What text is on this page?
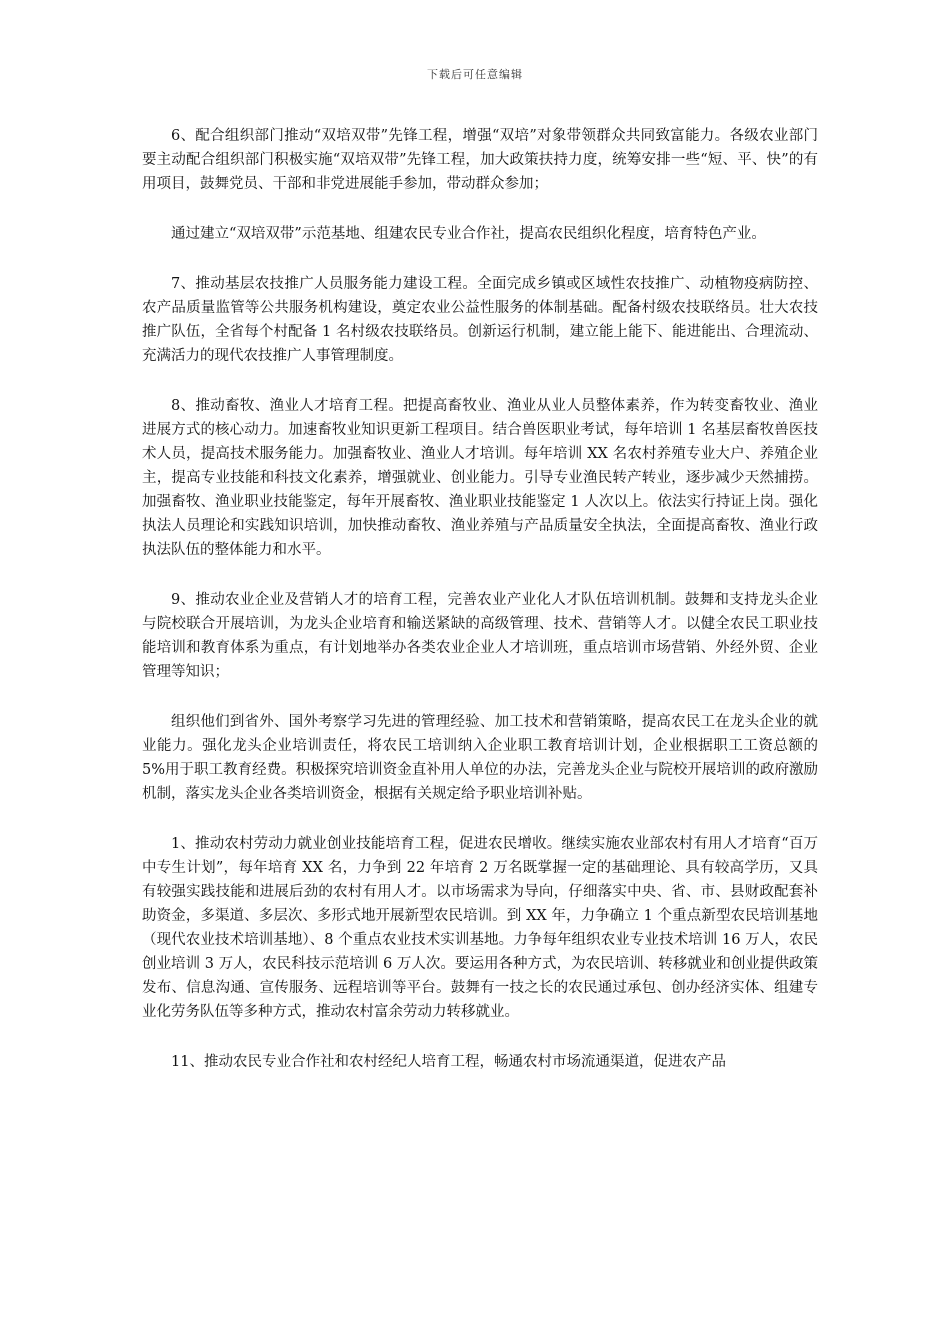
下载后可任意编辑

6、配合组织部门推动“双培双带”先锋工程，增强“双培”对象带领群众共同致富能力。各级农业部门要主动配合组织部门积极实施“双培双带”先锋工程，加大政策扶持力度，统筹安排一些“短、平、快”的有用项目，鼓舞党员、干部和非党进展能手参加，带动群众参加；

通过建立“双培双带”示范基地、组建农民专业合作社，提高农民组织化程度，培育特色产业。

7、推动基层农技推广人员服务能力建设工程。全面完成乡镇或区域性农技推广、动植物疫病防控、农产品质量监管等公共服务机构建设，奠定农业公益性服务的体制基础。配备村级农技联络员。壮大农技推广队伍，全省每个村配备 1 名村级农技联络员。创新运行机制，建立能上能下、能进能出、合理流动、充满活力的现代农技推广人事管理制度。

8、推动畜牧、渔业人才培育工程。把提高畜牧业、渔业从业人员整体素养，作为转变畜牧业、渔业进展方式的核心动力。加速畜牧业知识更新工程项目。结合兽医职业考试，每年培训 1 名基层畜牧兽医技术人员，提高技术服务能力。加强畜牧业、渔业人才培训。每年培训 XX 名农村养殖专业大户、养殖企业主，提高专业技能和科技文化素养，增强就业、创业能力。引导专业渔民转产转业，逐步减少天然捕捞。加强畜牧、渔业职业技能鉴定，每年开展畜牧、渔业职业技能鉴定 1 人次以上。依法实行持证上岗。强化执法人员理论和实践知识培训，加快推动畜牧、渔业养殖与产品质量安全执法，全面提高畜牧、渔业行政执法队伍的整体能力和水平。

9、推动农业企业及营销人才的培育工程，完善农业产业化人才队伍培训机制。鼓舞和支持龙头企业与院校联合开展培训，为龙头企业培育和输送紧缺的高级管理、技术、营销等人才。以健全农民工职业技能培训和教育体系为重点，有计划地举办各类农业企业人才培训班，重点培训市场营销、外经外贸、企业管理等知识；

组织他们到省外、国外考察学习先进的管理经验、加工技术和营销策略，提高农民工在龙头企业的就业能力。强化龙头企业培训责任，将农民工培训纳入企业职工教育培训计划，企业根据职工工资总额的 5%用于职工教育经费。积极探究培训资金直补用人单位的办法，完善龙头企业与院校开展培训的政府激励机制，落实龙头企业各类培训资金，根据有关规定给予职业培训补贴。

1、推动农村劳动力就业创业技能培育工程，促进农民增收。继续实施农业部农村有用人才培育“百万中专生计划”，每年培育 XX 名，力争到 22 年培育 2 万名既掌握一定的基础理论、具有较高学历，又具有较强实践技能和进展后劲的农村有用人才。以市场需求为导向，仔细落实中央、省、市、县财政配套补助资金，多渠道、多层次、多形式地开展新型农民培训。到 XX 年，力争确立 1 个重点新型农民培训基地（现代农业技术培训基地）、8 个重点农业技术实训基地。力争每年组织农业专业技术培训 16 万人，农民创业培训 3 万人，农民科技示范培训 6 万人次。要运用各种方式，为农民培训、转移就业和创业提供政策发布、信息沟通、宣传服务、远程培训等平台。鼓舞有一技之长的农民通过承包、创办经济实体、组建专业化劳务队伍等多种方式，推动农村富余劳动力转移就业。

11、推动农民专业合作社和农村经纪人培育工程，畅通农村市场流通渠道，促进农产品
